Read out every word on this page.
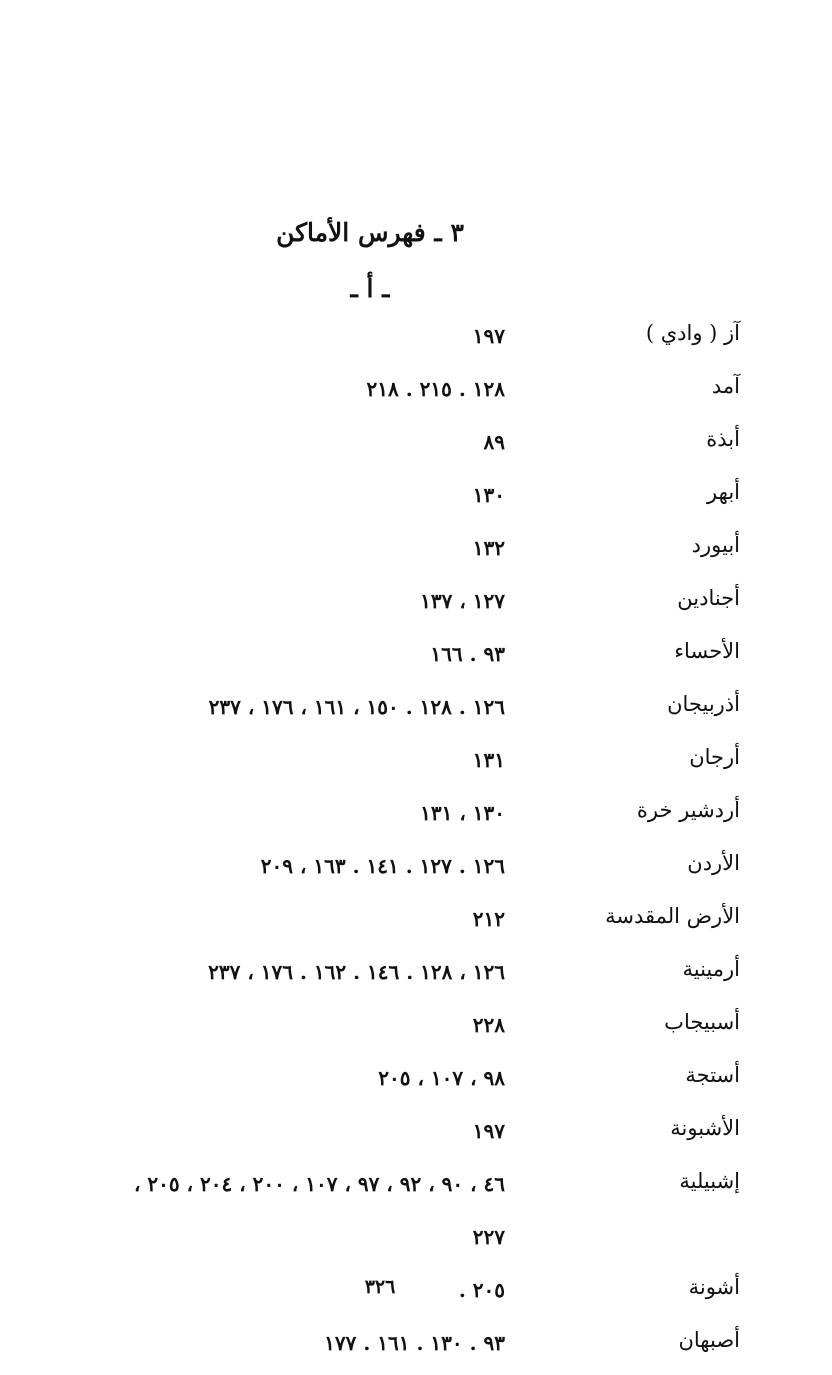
٣ ـ فهرس الأماكن
ـ أ ـ
آز ( وادي )
١٩٧
آمد
١٢٨ . ٢١٥ . ٢١٨
أبذة
٨٩
أبهر
١٣٠
أبيورد
١٣٢
أجنادين
١٢٧ ، ١٣٧
الأحساء
٩٣ . ١٦٦
أذربيجان
١٢٦ . ١٢٨ . ١٥٠ ، ١٦١ ، ١٧٦ ، ٢٣٧
أرجان
١٣١
أردشير خرة
١٣٠ ، ١٣١
الأردن
١٢٦ . ١٢٧ . ١٤١ . ١٦٣ ، ٢٠٩
الأرض المقدسة
٢١٢
أرمينية
١٢٦ ، ١٢٨ . ١٤٦ . ١٦٢ . ١٧٦ ، ٢٣٧
أسبيجاب
٢٢٨
أستجة
٩٨ ، ١٠٧ ، ٢٠٥
الأشبونة
١٩٧
إشبيلية
٤٦ ، ٩٠ ، ٩٢ ، ٩٧ ، ١٠٧ ، ٢٠٠ ، ٢٠٤ ، ٢٠٥ ،
٢٢٧
أشونة
٢٠٥ .
أصبهان
٩٣ . ١٣٠ . ١٦١ . ١٧٧
٣٢٦
